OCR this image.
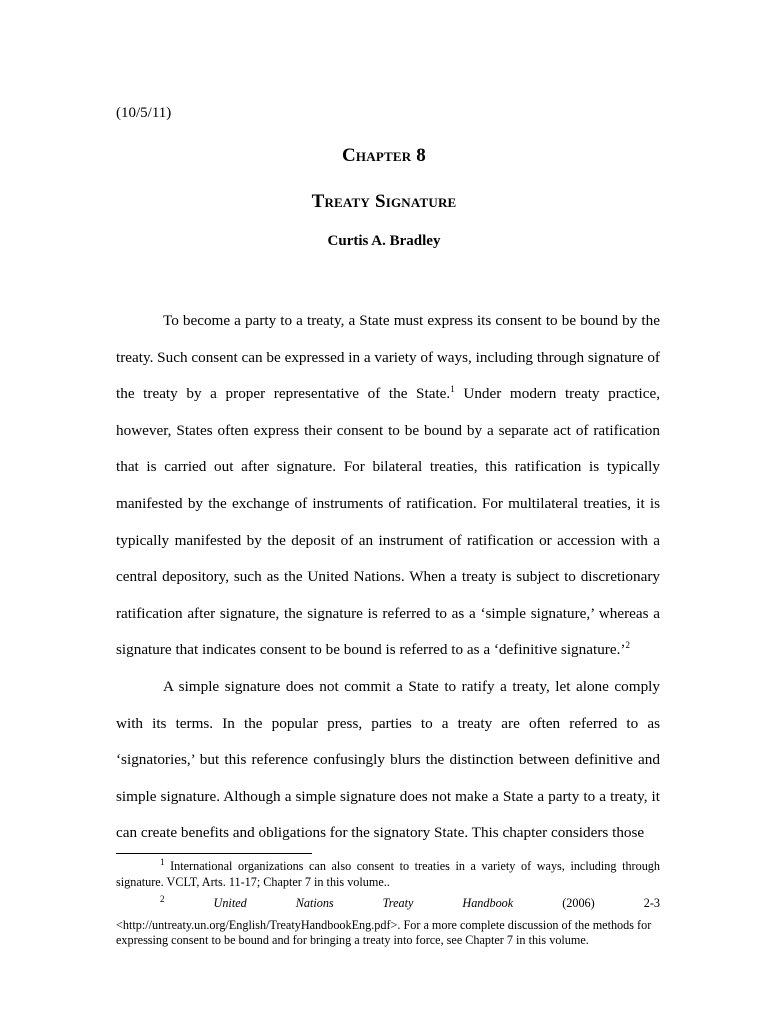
(10/5/11)
Chapter 8
Treaty Signature
Curtis A. Bradley

To become a party to a treaty, a State must express its consent to be bound by the treaty. Such consent can be expressed in a variety of ways, including through signature of the treaty by a proper representative of the State.$^1$ Under modern treaty practice, however, States often express their consent to be bound by a separate act of ratification that is carried out after signature. For bilateral treaties, this ratification is typically manifested by the exchange of instruments of ratification. For multilateral treaties, it is typically manifested by the deposit of an instrument of ratification or accession with a central depository, such as the United Nations. When a treaty is subject to discretionary ratification after signature, the signature is referred to as a ‘simple signature,’ whereas a signature that indicates consent to be bound is referred to as a ‘definitive signature.’$^2$

A simple signature does not commit a State to ratify a treaty, let alone comply with its terms. In the popular press, parties to a treaty are often referred to as ‘signatories,’ but this reference confusingly blurs the distinction between definitive and simple signature. Although a simple signature does not make a State a party to a treaty, it can create benefits and obligations for the signatory State. This chapter considers those

$^1$ International organizations can also consent to treaties in a variety of ways, including through signature. VCLT, Arts. 11-17; Chapter 7 in this volume..

$^2$	United Nations Treaty Handbook	(2006)	2-3

<http://untreaty.un.org/English/TreatyHandbookEng.pdf>. For a more complete discussion of the methods for expressing consent to be bound and for bringing a treaty into force, see Chapter 7 in this volume.
